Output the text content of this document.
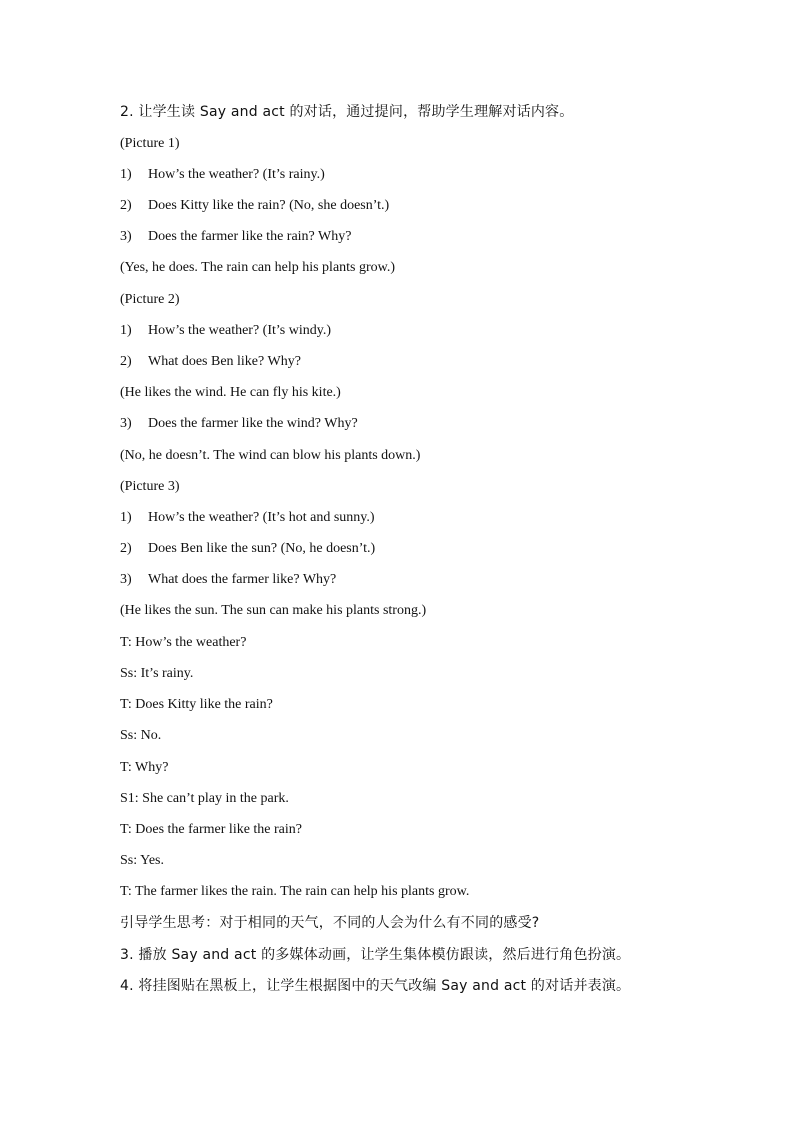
2. 让学生读 Say and act 的对话，通过提问，帮助学生理解对话内容。
(Picture 1)
1) How’s the weather? (It’s rainy.)
2) Does Kitty like the rain? (No, she doesn’t.)
3) Does the farmer like the rain? Why?
(Yes, he does. The rain can help his plants grow.)
(Picture 2)
1) How’s the weather? (It’s windy.)
2) What does Ben like? Why?
(He likes the wind. He can fly his kite.)
3) Does the farmer like the wind? Why?
(No, he doesn’t. The wind can blow his plants down.)
(Picture 3)
1) How’s the weather? (It’s hot and sunny.)
2) Does Ben like the sun? (No, he doesn’t.)
3) What does the farmer like? Why?
(He likes the sun. The sun can make his plants strong.)
T: How’s the weather?
Ss: It’s rainy.
T: Does Kitty like the rain?
Ss: No.
T: Why?
S1: She can’t play in the park.
T: Does the farmer like the rain?
Ss: Yes.
T: The farmer likes the rain. The rain can help his plants grow.
引导学生思考：对于相同的天气，不同的人会为什么有不同的感受?
3. 播放 Say and act 的多媒体动画，让学生集体模仿跟读，然后进行角色扮演。
4. 将挂图贴在黑板上，让学生根据图中的天气改编 Say and act 的对话并表演。
